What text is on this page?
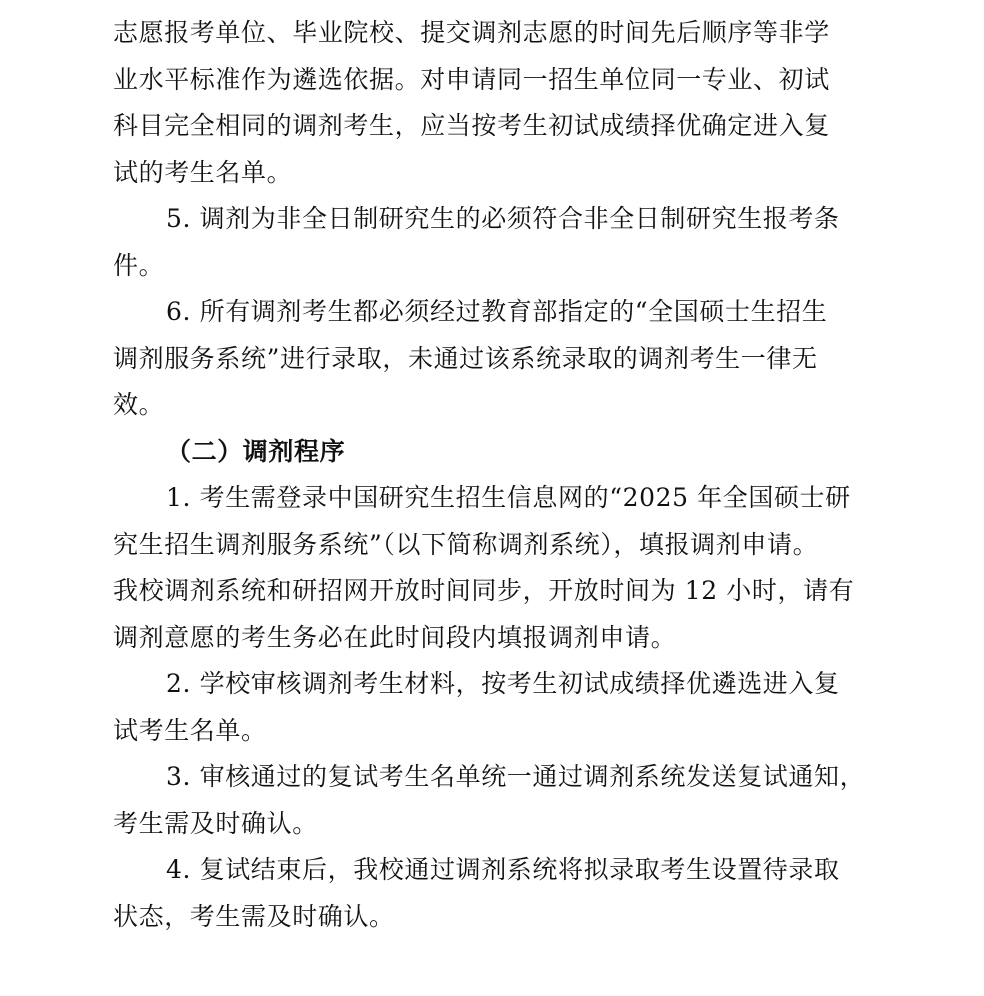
志愿报考单位、毕业院校、提交调剂志愿的时间先后顺序等非学
业水平标准作为遴选依据。对申请同一招生单位同一专业、初试
科目完全相同的调剂考生，应当按考生初试成绩择优确定进入复
试的考生名单。
5. 调剂为非全日制研究生的必须符合非全日制研究生报考条
件。
6. 所有调剂考生都必须经过教育部指定的“全国硕士生招生
调剂服务系统”进行录取，未通过该系统录取的调剂考生一律无
效。
（二）调剂程序
1. 考生需登录中国研究生招生信息网的“2025 年全国硕士研
究生招生调剂服务系统”（以下简称调剂系统），填报调剂申请。
我校调剂系统和研招网开放时间同步，开放时间为 12 小时，请有
调剂意愿的考生务必在此时间段内填报调剂申请。
2. 学校审核调剂考生材料，按考生初试成绩择优遴选进入复
试考生名单。
3. 审核通过的复试考生名单统一通过调剂系统发送复试通知，
考生需及时确认。
4. 复试结束后，我校通过调剂系统将拟录取考生设置待录取
状态，考生需及时确认。
